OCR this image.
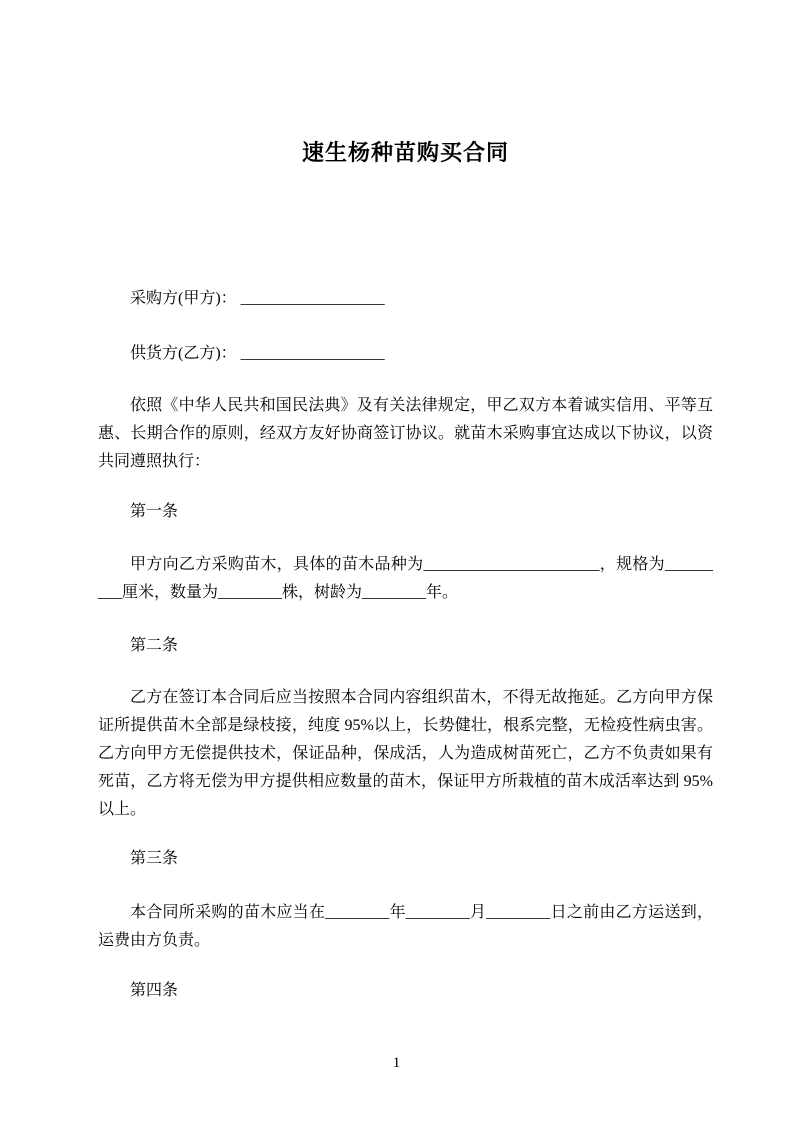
速生杨种苗购买合同

采购方(甲方)： __________________

供货方(乙方)： __________________

依照《中华人民共和国民法典》及有关法律规定，甲乙双方本着诚实信用、平等互惠、长期合作的原则，经双方友好协商签订协议。就苗木采购事宜达成以下协议，以资共同遵照执行：

第一条

甲方向乙方采购苗木，具体的苗木品种为______________________，规格为_________厘米，数量为________株，树龄为________年。

第二条

乙方在签订本合同后应当按照本合同内容组织苗木，不得无故拖延。乙方向甲方保证所提供苗木全部是绿枝接，纯度 95%以上，长势健壮，根系完整，无检疫性病虫害。乙方向甲方无偿提供技术，保证品种，保成活，人为造成树苗死亡，乙方不负责如果有死苗，乙方将无偿为甲方提供相应数量的苗木，保证甲方所栽植的苗木成活率达到 95%以上。

第三条

本合同所采购的苗木应当在________年________月________日之前由乙方运送到，运费由方负责。

第四条

1
